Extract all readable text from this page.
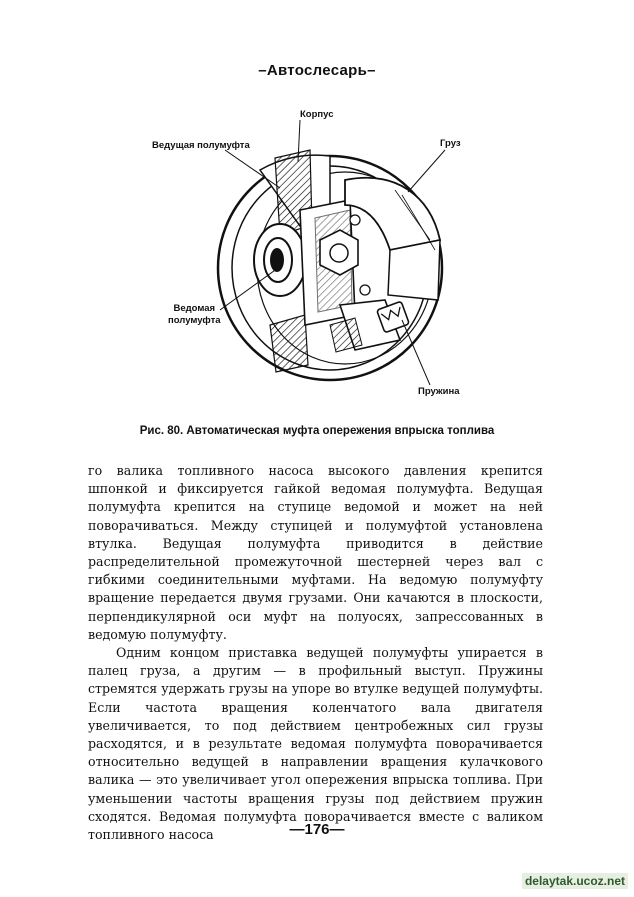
–Автослесарь–
Корпус
Груз
Ведущая полумуфта
Ведомая
полумуфта
Пружина
Рис. 80. Автоматическая муфта опережения впрыска топлива

го валика топливного насоса высокого давления крепится шпонкой и фиксируется гайкой ведомая полумуфта. Ведущая полумуфта крепится на ступице ведомой и может на ней поворачиваться. Между ступицей и полумуфтой установлена втулка. Ведущая полумуфта приводится в действие распределительной промежуточной шестерней через вал с гибкими соединительными муфтами. На ведомую полумуфту вращение передается двумя грузами. Они качаются в плоскости, перпендикулярной оси муфт на полуосях, запрессованных в ведомую полумуфту.

Одним концом приставка ведущей полумуфты упирается в палец груза, а другим — в профильный выступ. Пружины стремятся удержать грузы на упоре во втулке ведущей полумуфты. Если частота вращения коленчатого вала двигателя увеличивается, то под действием центробежных сил грузы расходятся, и в результате ведомая полумуфта поворачивается относительно ведущей в направлении вращения кулачкового валика — это увеличивает угол опережения впрыска топлива. При уменьшении частоты вращения грузы под действием пружин сходятся. Ведомая полумуфта поворачивается вместе с валиком топливного насоса	—176—
delaytak.ucoz.net
